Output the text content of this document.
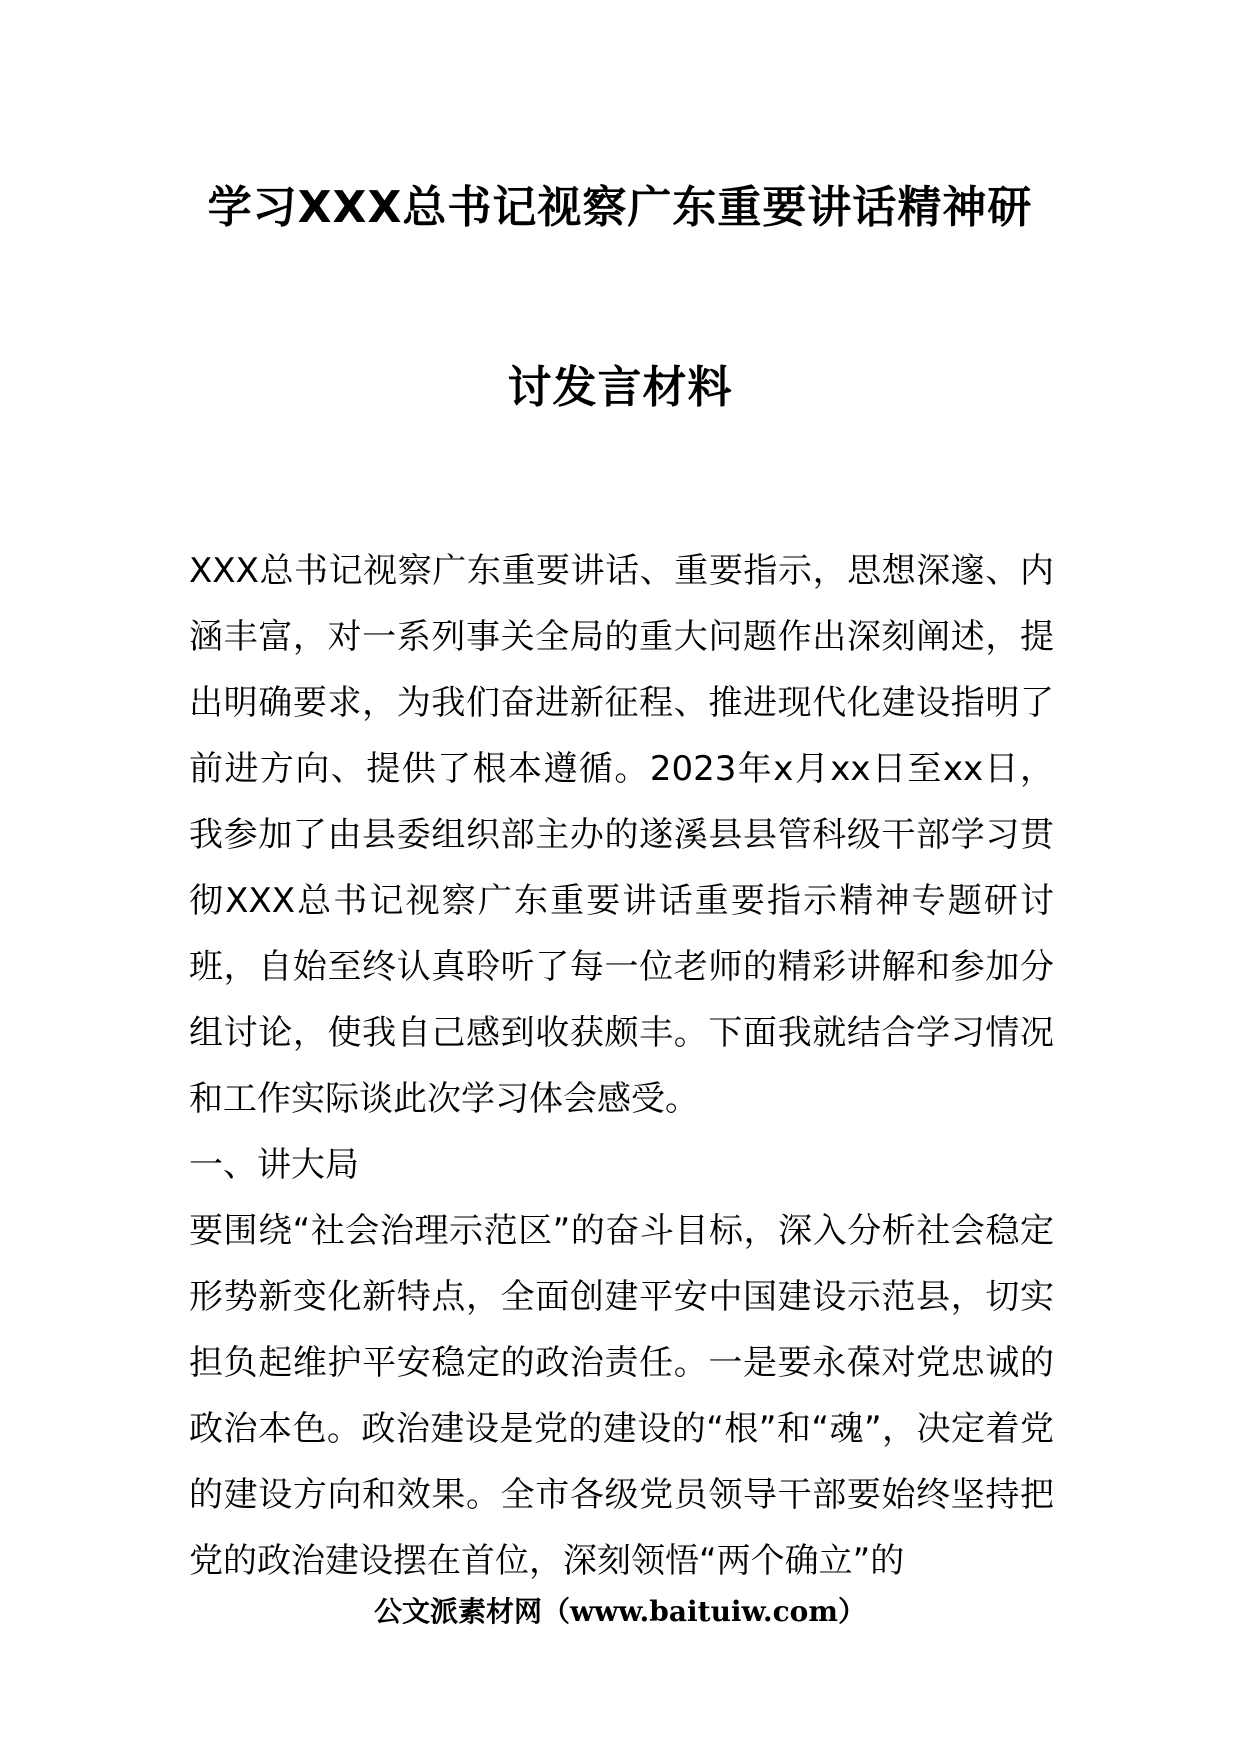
学习XXX总书记视察广东重要讲话精神研
讨发言材料

XXX总书记视察广东重要讲话、重要指示，思想深邃、内涵丰富，对一系列事关全局的重大问题作出深刻阐述，提出明确要求，为我们奋进新征程、推进现代化建设指明了前进方向、提供了根本遵循。2023年x月xx日至xx日，我参加了由县委组织部主办的遂溪县县管科级干部学习贯彻XXX总书记视察广东重要讲话重要指示精神专题研讨班，自始至终认真聆听了每一位老师的精彩讲解和参加分组讨论，使我自己感到收获颇丰。下面我就结合学习情况和工作实际谈此次学习体会感受。

一、讲大局

要围绕“社会治理示范区”的奋斗目标，深入分析社会稳定形势新变化新特点，全面创建平安中国建设示范县，切实担负起维护平安稳定的政治责任。一是要永葆对党忠诚的政治本色。政治建设是党的建设的“根”和“魂”，决定着党的建设方向和效果。全市各级党员领导干部要始终坚持把党的政治建设摆在首位，深刻领悟“两个确立”的

公文派素材网（www.baituiw.com）
